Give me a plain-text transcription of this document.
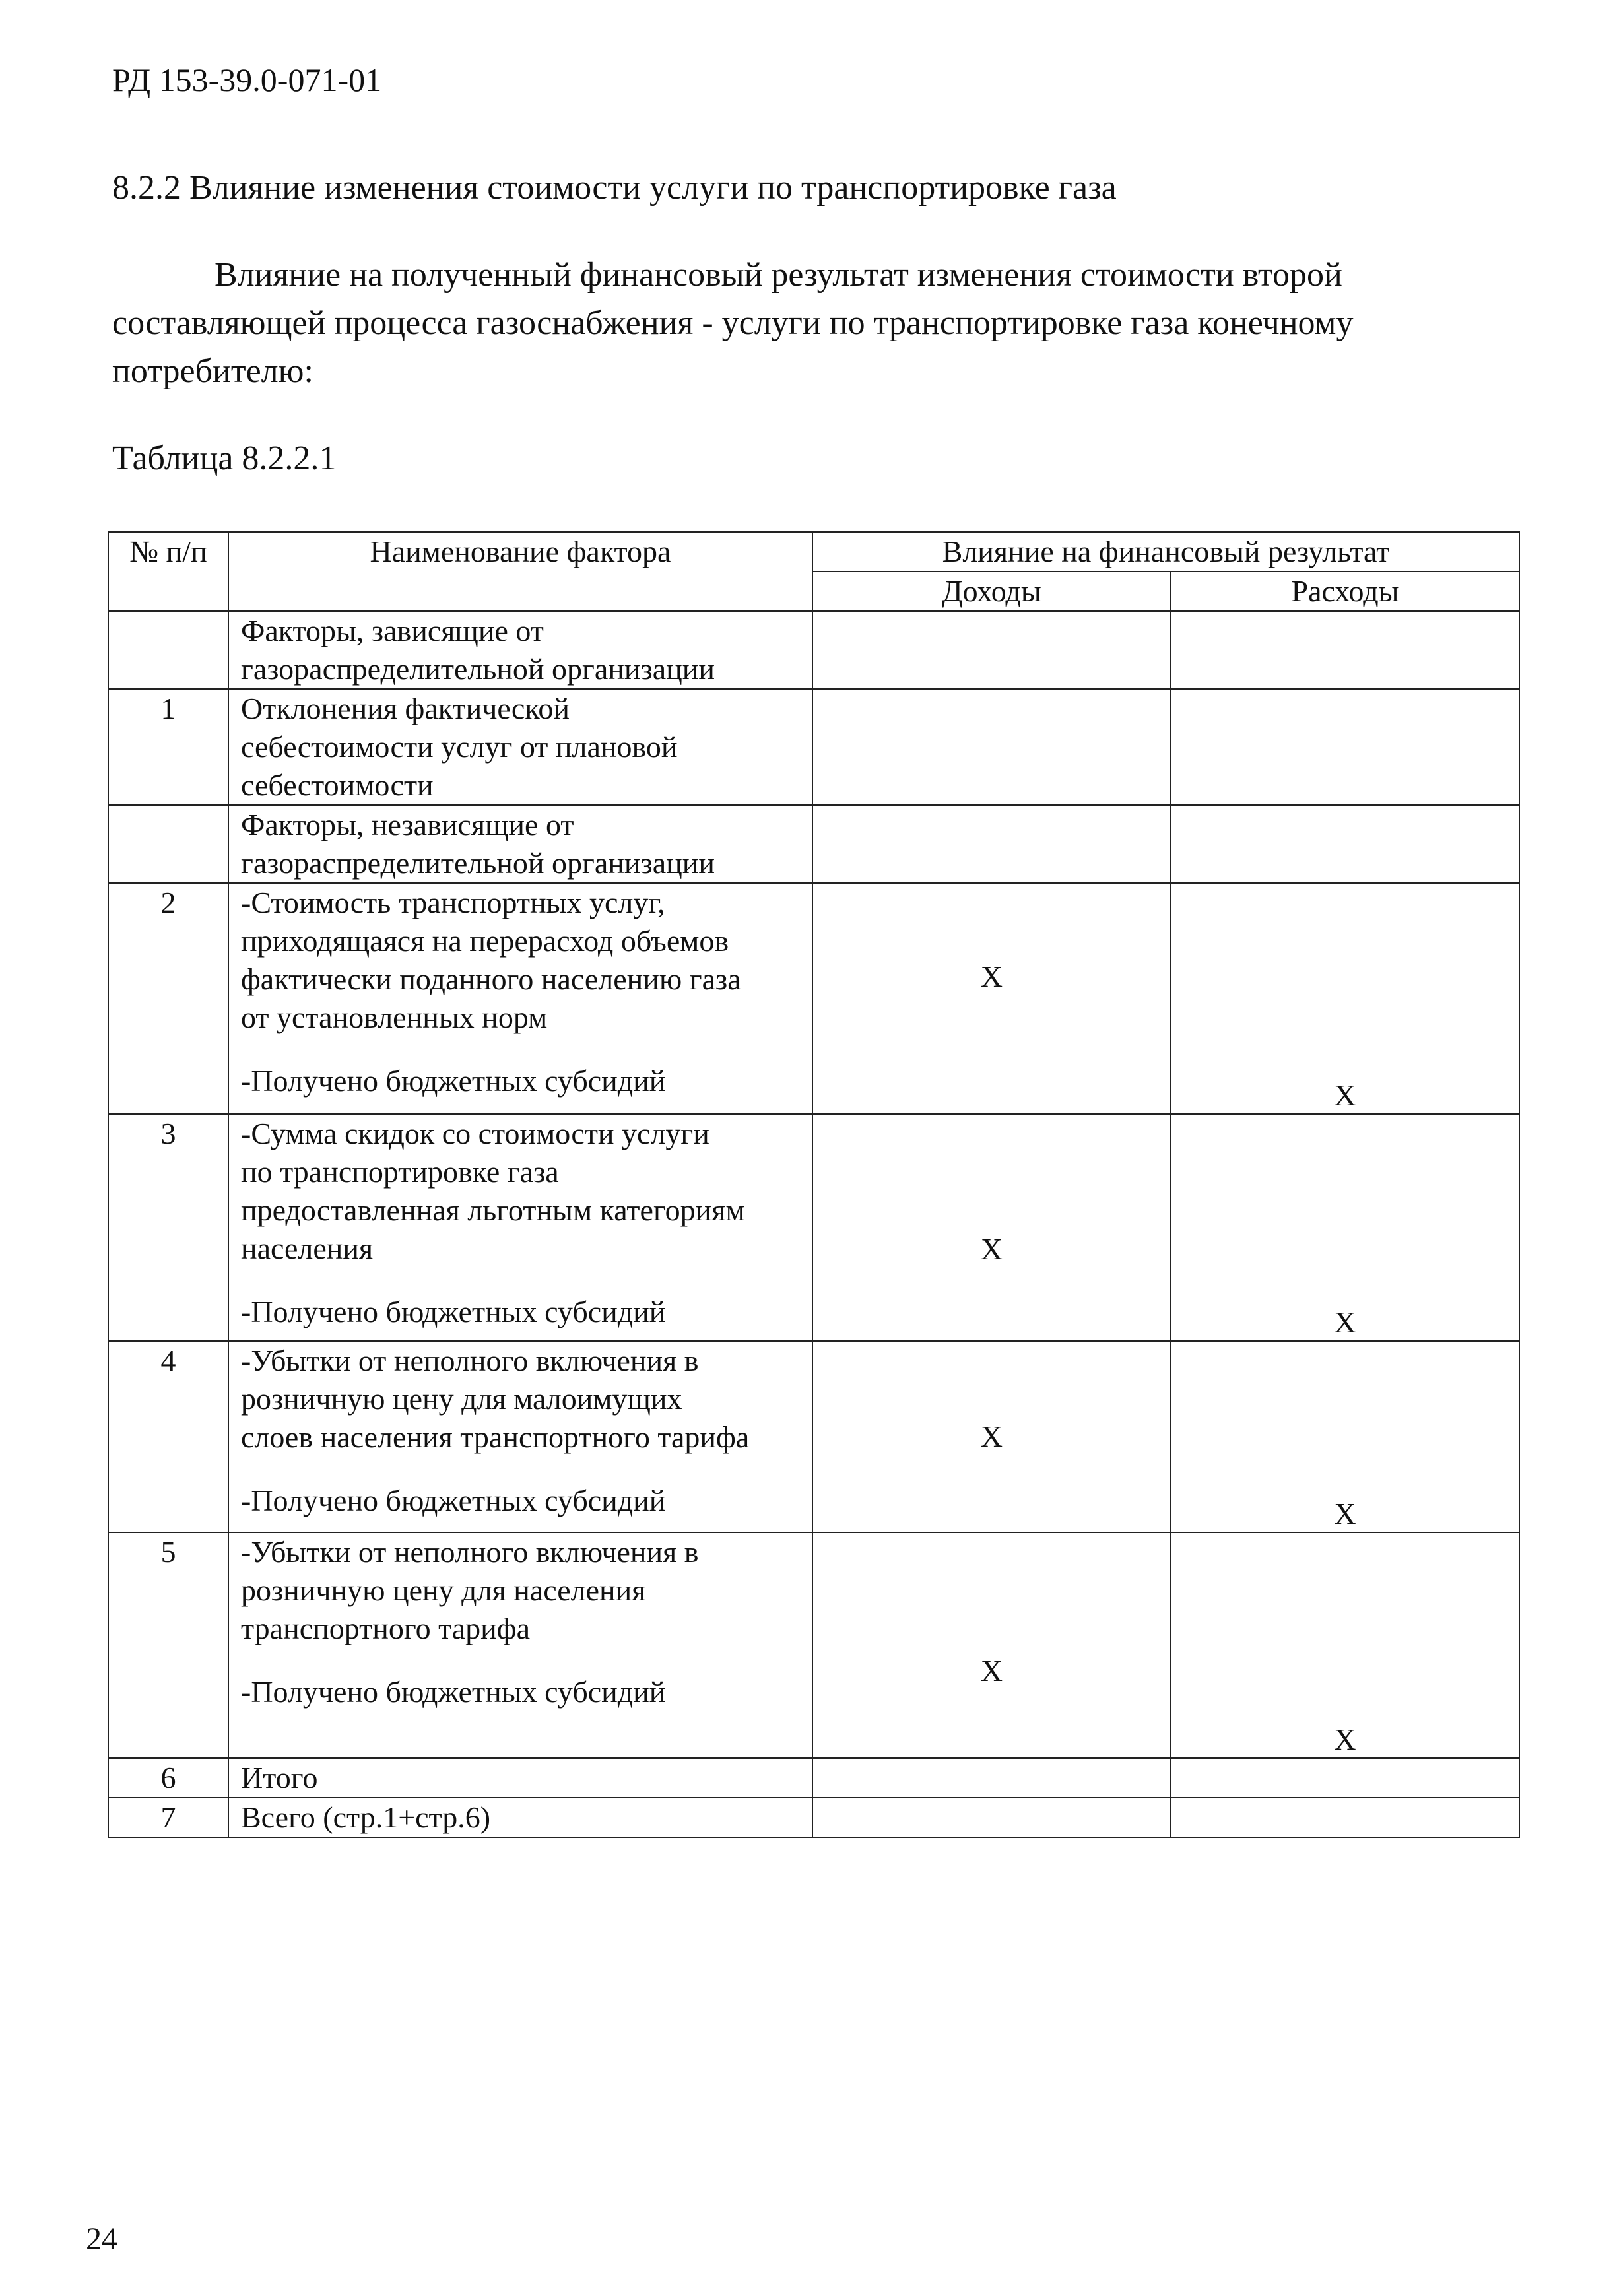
РД 153-39.0-071-01
8.2.2 Влияние изменения стоимости услуги по транспортировке газа
Влияние на полученный финансовый результат изменения стоимости второй
составляющей процесса газоснабжения - услуги по транспортировке газа конечному
потребителю:
Таблица 8.2.2.1
№ п/п	Наименование фактора	Влияние на финансовый результат	
		Доходы	Расходы

	Факторы, зависящие от
газораспределительной организации		

1	Отклонения фактической
себестоимости услуг от плановой
себестоимости		

	Факторы, независящие от
газораспределительной организации		

2	-Стоимость транспортных услуг,
приходящаяся на перерасход объемов
фактически поданного населению газа
от установленных норм
-Получено бюджетных субсидий	X	X

3	-Сумма скидок со стоимости услуги
по транспортировке газа
предоставленная льготным категориям
населения
-Получено бюджетных субсидий	X	X

4	-Убытки от неполного включения в
розничную цену для малоимущих
слоев населения транспортного тарифа
-Получено бюджетных субсидий	X	X

5	-Убытки от неполного включения в
розничную цену для населения
транспортного тарифа
-Получено бюджетных субсидий	X	X

6	Итого		

7	Всего (стр.1+стр.6)		

24
